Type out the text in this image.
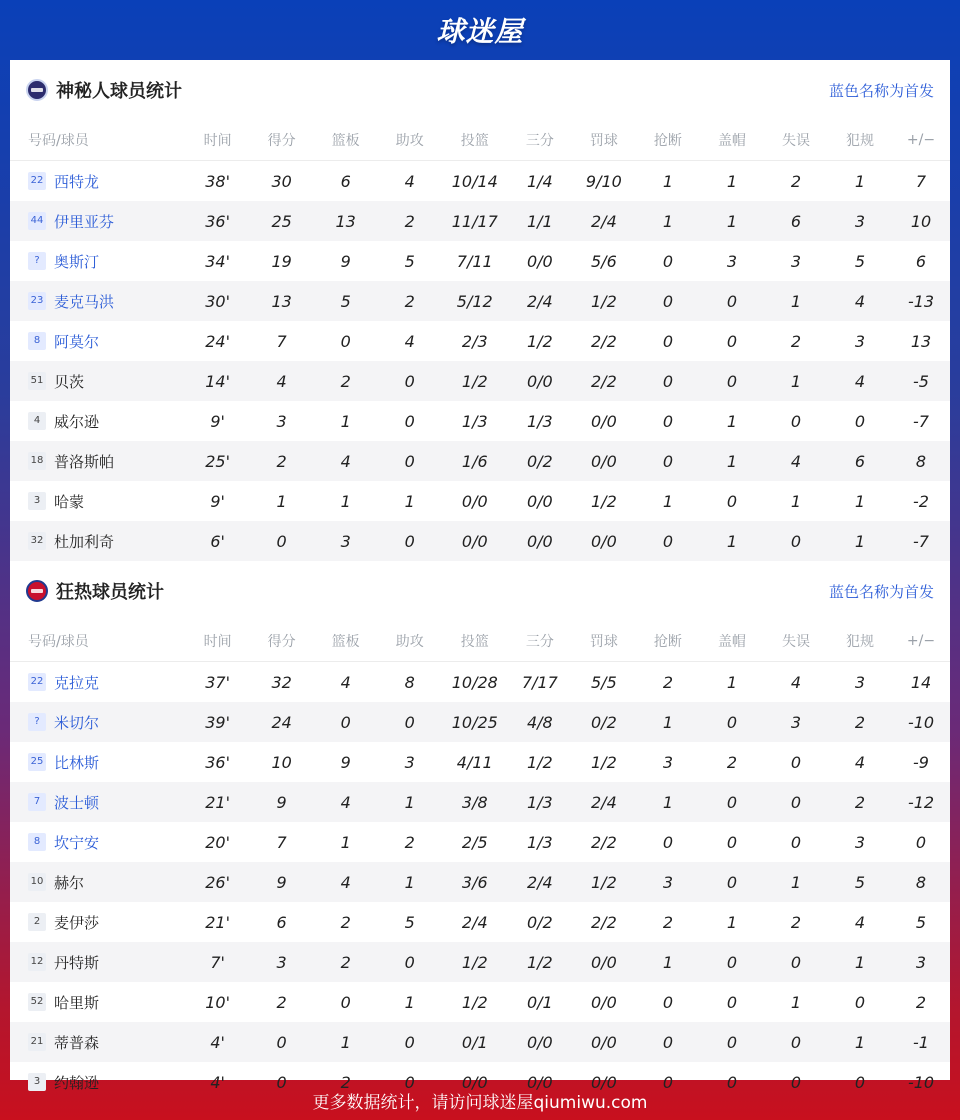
球迷屋
神秘人球员统计	蓝色名称为首发
号码/球员	时间	得分	篮板	助攻	投篮	三分	罚球	抢断	盖帽	失误	犯规	+/−
22 西特龙	38'	30	6	4	10/14	1/4	9/10	1	1	2	1	7
44 伊里亚芬	36'	25	13	2	11/17	1/1	2/4	1	1	6	3	10
? 奥斯汀	34'	19	9	5	7/11	0/0	5/6	0	3	3	5	6
23 麦克马洪	30'	13	5	2	5/12	2/4	1/2	0	0	1	4	-13
8 阿莫尔	24'	7	0	4	2/3	1/2	2/2	0	0	2	3	13
51 贝茨	14'	4	2	0	1/2	0/0	2/2	0	0	1	4	-5
4 威尔逊	9'	3	1	0	1/3	1/3	0/0	0	1	0	0	-7
18 普洛斯帕	25'	2	4	0	1/6	0/2	0/0	0	1	4	6	8
3 哈蒙	9'	1	1	1	0/0	0/0	1/2	1	0	1	1	-2
32 杜加利奇	6'	0	3	0	0/0	0/0	0/0	0	1	0	1	-7
狂热球员统计	蓝色名称为首发
号码/球员	时间	得分	篮板	助攻	投篮	三分	罚球	抢断	盖帽	失误	犯规	+/−
22 克拉克	37'	32	4	8	10/28	7/17	5/5	2	1	4	3	14
? 米切尔	39'	24	0	0	10/25	4/8	0/2	1	0	3	2	-10
25 比林斯	36'	10	9	3	4/11	1/2	1/2	3	2	0	4	-9
7 波士顿	21'	9	4	1	3/8	1/3	2/4	1	0	0	2	-12
8 坎宁安	20'	7	1	2	2/5	1/3	2/2	0	0	0	3	0
10 赫尔	26'	9	4	1	3/6	2/4	1/2	3	0	1	5	8
2 麦伊莎	21'	6	2	5	2/4	0/2	2/2	2	1	2	4	5
12 丹特斯	7'	3	2	0	1/2	1/2	0/0	1	0	0	1	3
52 哈里斯	10'	2	0	1	1/2	0/1	0/0	0	0	1	0	2
21 蒂普森	4'	0	1	0	0/1	0/0	0/0	0	0	0	1	-1
3 约翰逊	4'	0	2	0	0/0	0/0	0/0	0	0	0	0	-10
更多数据统计，请访问球迷屋qiumiwu.com
